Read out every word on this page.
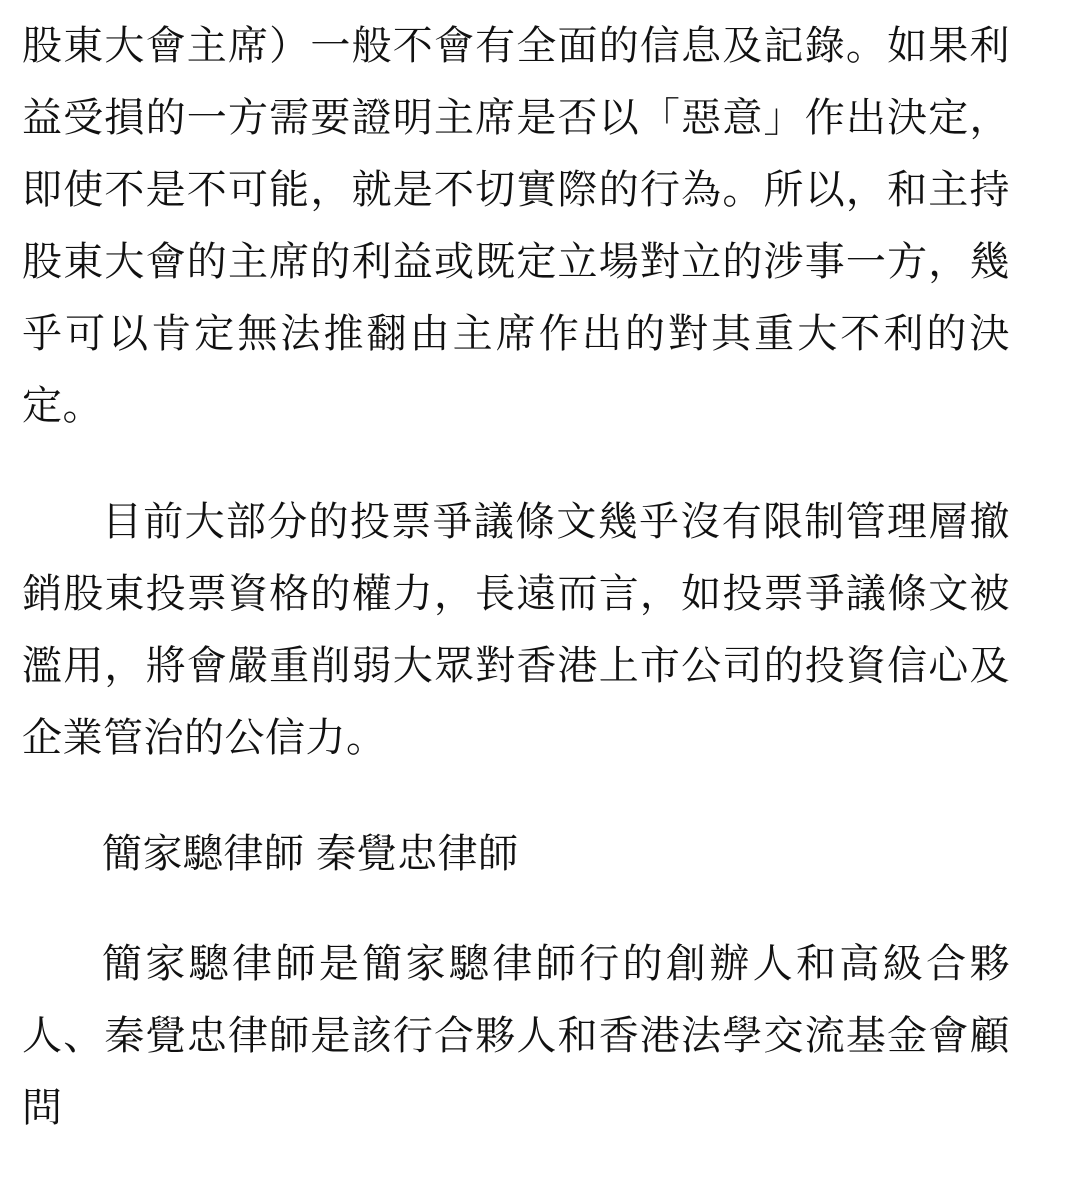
股東大會主席）一般不會有全面的信息及記錄。如果利益受損的一方需要證明主席是否以「惡意」作出決定，即使不是不可能，就是不切實際的行為。所以，和主持股東大會的主席的利益或既定立場對立的涉事一方，幾乎可以肯定無法推翻由主席作出的對其重大不利的決定。

目前大部分的投票爭議條文幾乎沒有限制管理層撤銷股東投票資格的權力，長遠而言，如投票爭議條文被濫用，將會嚴重削弱大眾對香港上市公司的投資信心及企業管治的公信力。

簡家驄律師 秦覺忠律師

簡家驄律師是簡家驄律師行的創辦人和高級合夥人、秦覺忠律師是該行合夥人和香港法學交流基金會顧問
